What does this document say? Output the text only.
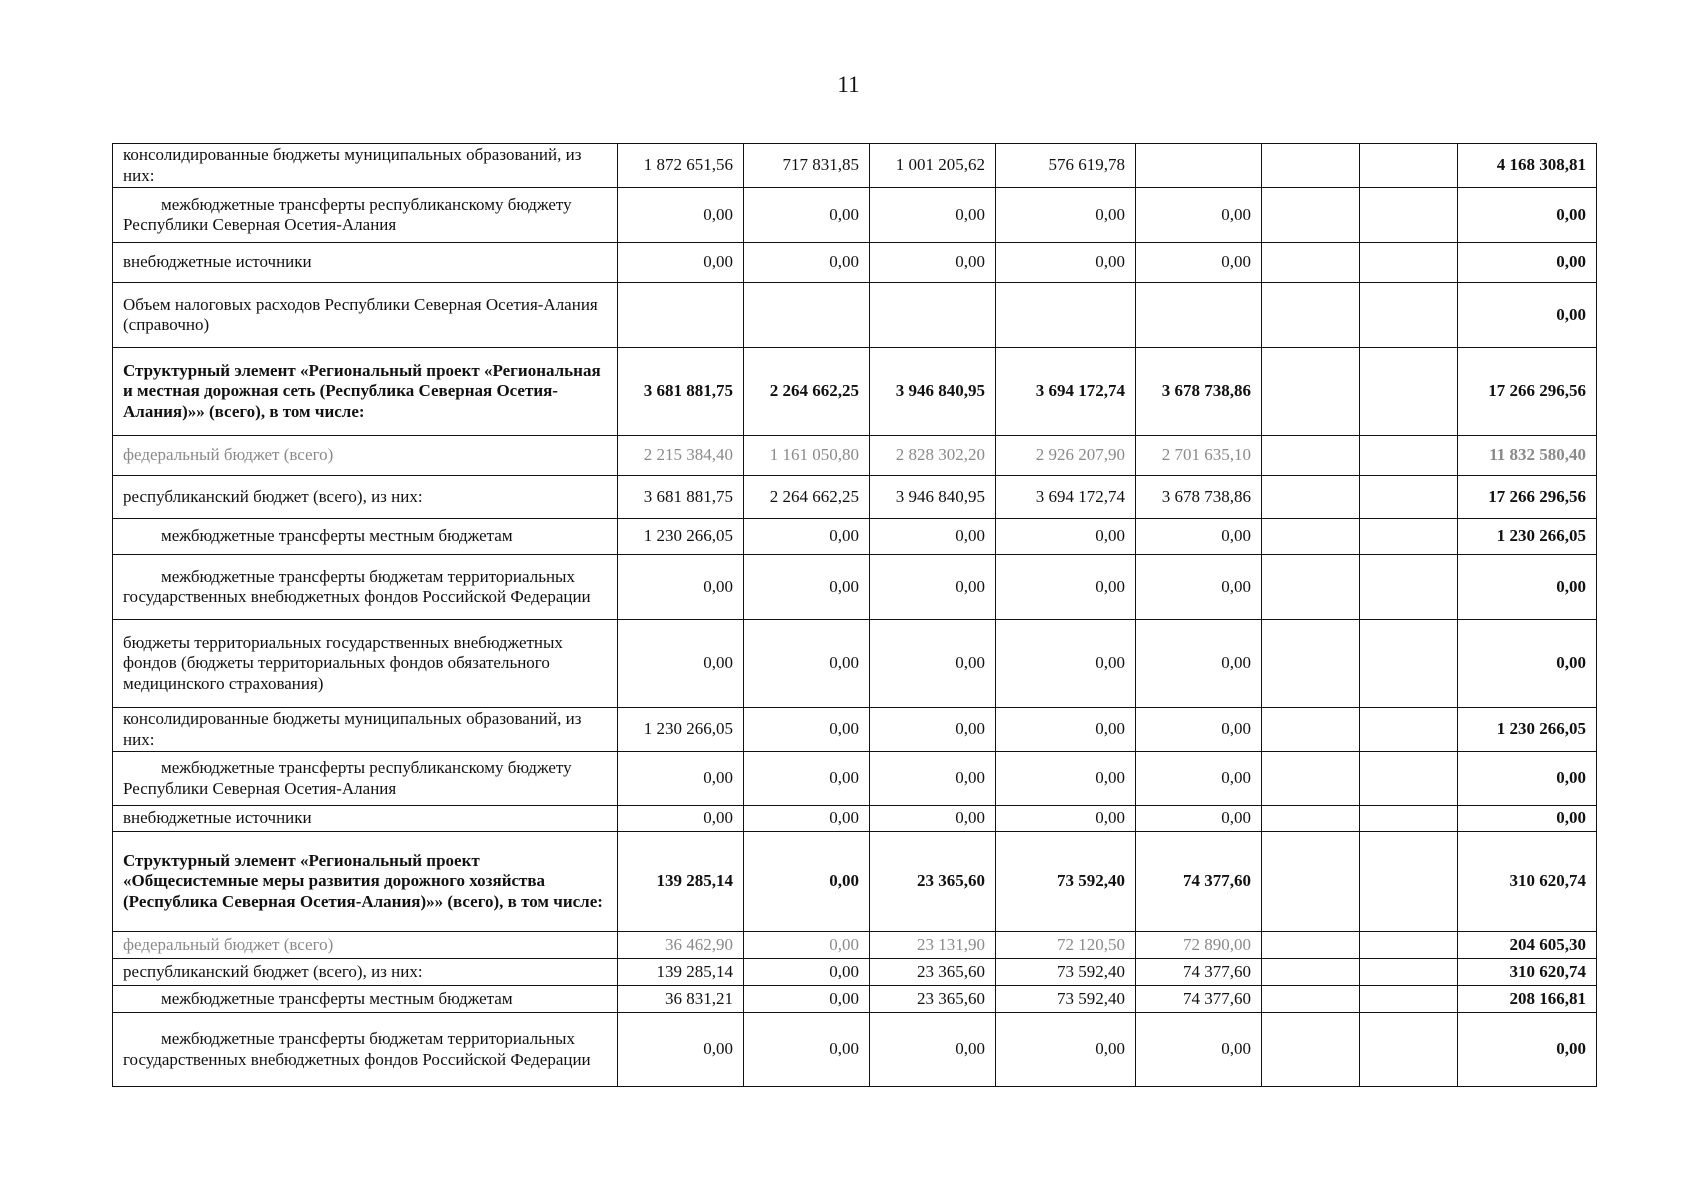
11
консолидированные бюджеты муниципальных образований, из них:	1 872 651,56	717 831,85	1 001 205,62	576 619,78				4 168 308,81
межбюджетные трансферты республиканскому бюджету Республики Северная Осетия-Алания	0,00	0,00	0,00	0,00	0,00			0,00
внебюджетные источники	0,00	0,00	0,00	0,00	0,00			0,00
Объем налоговых расходов Республики Северная Осетия-Алания (справочно)								0,00
Структурный элемент «Региональный проект «Региональная и местная дорожная сеть (Республика Северная Осетия-Алания)»» (всего), в том числе:	3 681 881,75	2 264 662,25	3 946 840,95	3 694 172,74	3 678 738,86			17 266 296,56
федеральный бюджет (всего)	2 215 384,40	1 161 050,80	2 828 302,20	2 926 207,90	2 701 635,10			11 832 580,40
республиканский бюджет (всего), из них:	3 681 881,75	2 264 662,25	3 946 840,95	3 694 172,74	3 678 738,86			17 266 296,56
межбюджетные трансферты местным бюджетам	1 230 266,05	0,00	0,00	0,00	0,00			1 230 266,05
межбюджетные трансферты бюджетам территориальных государственных внебюджетных фондов Российской Федерации	0,00	0,00	0,00	0,00	0,00			0,00
бюджеты территориальных государственных внебюджетных фондов (бюджеты территориальных фондов обязательного медицинского страхования)	0,00	0,00	0,00	0,00	0,00			0,00
консолидированные бюджеты муниципальных образований, из них:	1 230 266,05	0,00	0,00	0,00	0,00			1 230 266,05
межбюджетные трансферты республиканскому бюджету Республики Северная Осетия-Алания	0,00	0,00	0,00	0,00	0,00			0,00
внебюджетные источники	0,00	0,00	0,00	0,00	0,00			0,00
Структурный элемент «Региональный проект «Общесистемные меры развития дорожного хозяйства (Республика Северная Осетия-Алания)»» (всего), в том числе:	139 285,14	0,00	23 365,60	73 592,40	74 377,60			310 620,74
федеральный бюджет (всего)	36 462,90	0,00	23 131,90	72 120,50	72 890,00			204 605,30
республиканский бюджет (всего), из них:	139 285,14	0,00	23 365,60	73 592,40	74 377,60			310 620,74
межбюджетные трансферты местным бюджетам	36 831,21	0,00	23 365,60	73 592,40	74 377,60			208 166,81
межбюджетные трансферты бюджетам территориальных государственных внебюджетных фондов Российской Федерации	0,00	0,00	0,00	0,00	0,00			0,00
